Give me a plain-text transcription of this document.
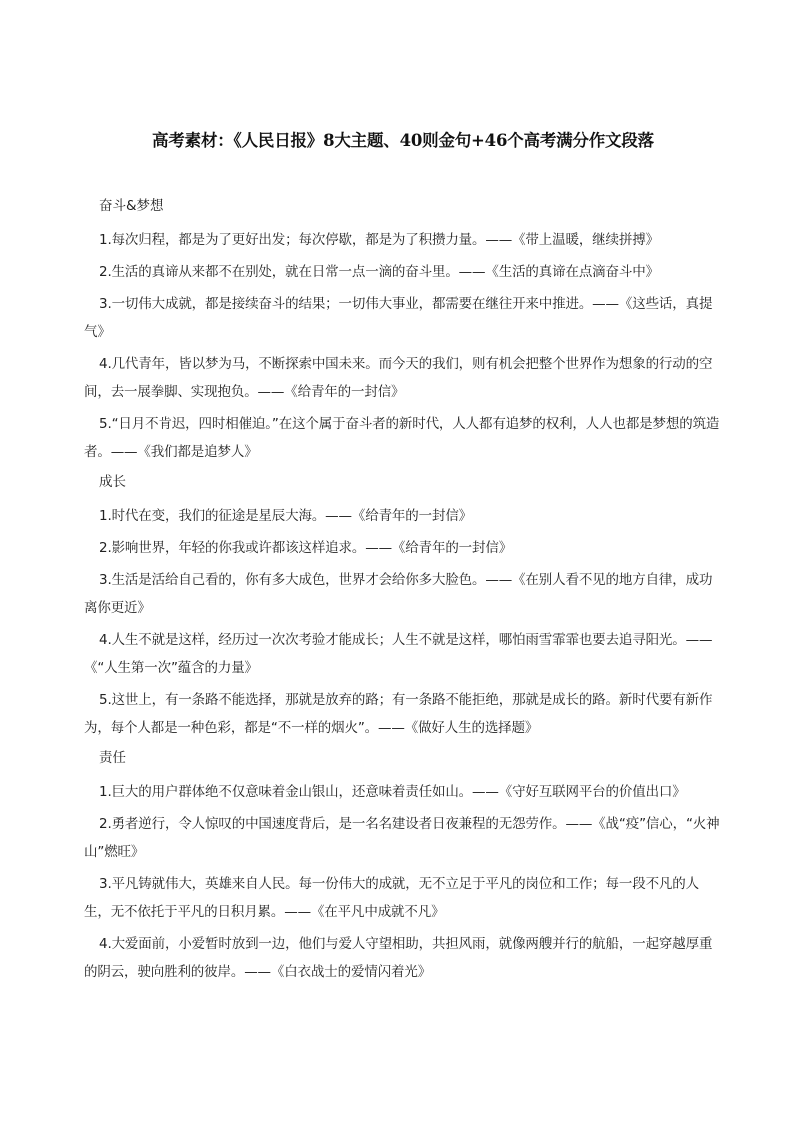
高考素材：《人民日报》8大主题、40则金句+46个高考满分作文段落
奋斗&梦想

1.每次归程，都是为了更好出发；每次停歇，都是为了积攒力量。——《带上温暖，继续拼搏》

2.生活的真谛从来都不在别处，就在日常一点一滴的奋斗里。——《生活的真谛在点滴奋斗中》

3.一切伟大成就，都是接续奋斗的结果；一切伟大事业，都需要在继往开来中推进。——《这些话，真提气》

4.几代青年，皆以梦为马，不断探索中国未来。而今天的我们，则有机会把整个世界作为想象的行动的空间，去一展拳脚、实现抱负。——《给青年的一封信》

5.“日月不肯迟，四时相催迫。”在这个属于奋斗者的新时代，人人都有追梦的权利，人人也都是梦想的筑造者。——《我们都是追梦人》

成长

1.时代在变，我们的征途是星辰大海。——《给青年的一封信》

2.影响世界，年轻的你我或许都该这样追求。——《给青年的一封信》

3.生活是活给自己看的，你有多大成色，世界才会给你多大脸色。——《在别人看不见的地方自律，成功离你更近》

4.人生不就是这样，经历过一次次考验才能成长；人生不就是这样，哪怕雨雪霏霏也要去追寻阳光。——《“人生第一次”蕴含的力量》

5.这世上，有一条路不能选择，那就是放弃的路；有一条路不能拒绝，那就是成长的路。新时代要有新作为，每个人都是一种色彩，都是“不一样的烟火”。——《做好人生的选择题》

责任

1.巨大的用户群体绝不仅意味着金山银山，还意味着责任如山。——《守好互联网平台的价值出口》

2.勇者逆行，令人惊叹的中国速度背后，是一名名建设者日夜兼程的无怨劳作。——《战“疫”信心，“火神山”燃旺》

3.平凡铸就伟大，英雄来自人民。每一份伟大的成就，无不立足于平凡的岗位和工作；每一段不凡的人生，无不依托于平凡的日积月累。——《在平凡中成就不凡》

4.大爱面前，小爱暂时放到一边，他们与爱人守望相助，共担风雨，就像两艘并行的航船，一起穿越厚重的阴云，驶向胜利的彼岸。——《白衣战士的爱情闪着光》
